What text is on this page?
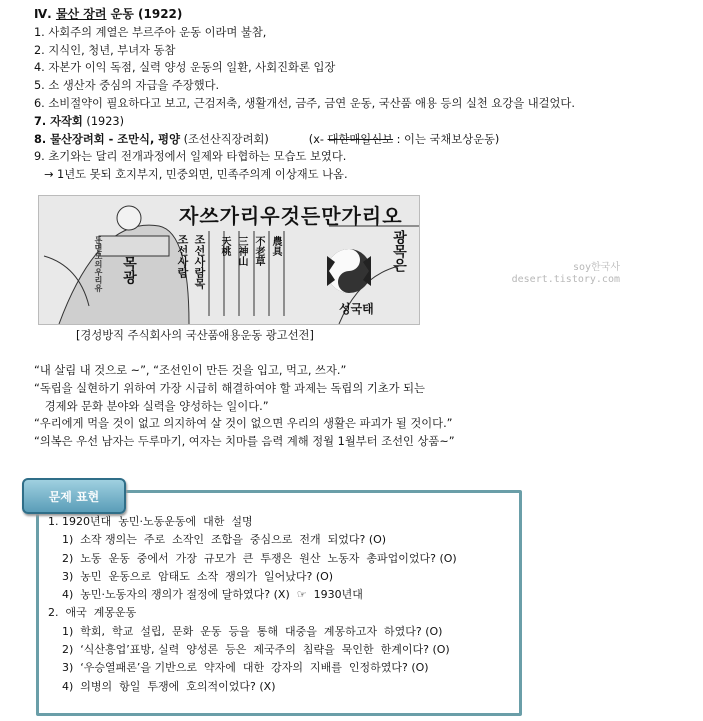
Ⅳ. 물산 장려 운동 (1922)
1. 사회주의 계열은 부르주아 운동 이라며 불참,
2. 지식인, 청년, 부녀자 동참
4. 자본가 이익 독점, 실력 양성 운동의 일환, 사회진화론 입장
5. 소 생산자 중심의 자급을 주장했다.
6. 소비절약이 필요하다고 보고, 근검저축, 생활개선, 금주, 금연 운동, 국산품 애용 등의 실천 요강을 내걸었다.
7. 자작회 (1923)
8. 물산장려회 - 조만식, 평양 (조선산직장려회)	(x- 대한매일신보 : 이는 국채보상운동)
9. 초기와는 달리 전개과정에서 일제와 타협하는 모습도 보였다.
→ 1년도 못되 호지부지, 민중외면, 민족주의계 이상재도 나옴.
자쓰가리우것든만가리오
든면모의우리유 목광	조선사람 조선사람목 天桃 三神山 不老草 農具	광목은
성국태
[경성방직 주식회사의 국산품애용운동 광고선전]
soy한국사
desert.tistory.com
“내 살림 내 것으로 ~”, “조선인이 만든 것을 입고, 먹고, 쓰자.”
“독립을 실현하기 위하여 가장 시급히 해결하여야 할 과제는 독립의 기초가 되는
경제와 문화 분야와 실력을 양성하는 일이다.”
“우리에게 먹을 것이 없고 의지하여 살 것이 없으면 우리의 생활은 파괴가 될 것이다.”
“의복은 우선 남자는 두루마기, 여자는 치마를 음력 계해 정월 1월부터 조선인 상품~”
문제 표현
1. 1920년대  농민·노동운동에  대한  설명
1)  소작 쟁의는  주로  소작인  조합을  중심으로  전개  되었다? (O)
2)  노동  운동  중에서  가장  규모가  큰  투쟁은  원산  노동자  총파업이었다? (O)
3)  농민  운동으로  암태도  소작  쟁의가  일어났다? (O)
4)  농민·노동자의 쟁의가 절정에 달하였다? (X)  ☞  1930년대
2.  애국  계몽운동
1)  학회,  학교  설립,  문화  운동  등을  통해  대중을  계몽하고자  하였다? (O)
2)  ‘식산흥업’표방, 실력  양성론  등은  제국주의  침략을  묵인한  한계이다? (O)
3)  ‘우승열패론’을 기반으로  약자에  대한  강자의  지배를  인정하였다? (O)
4)  의병의  항일  투쟁에  호의적이었다? (X)
